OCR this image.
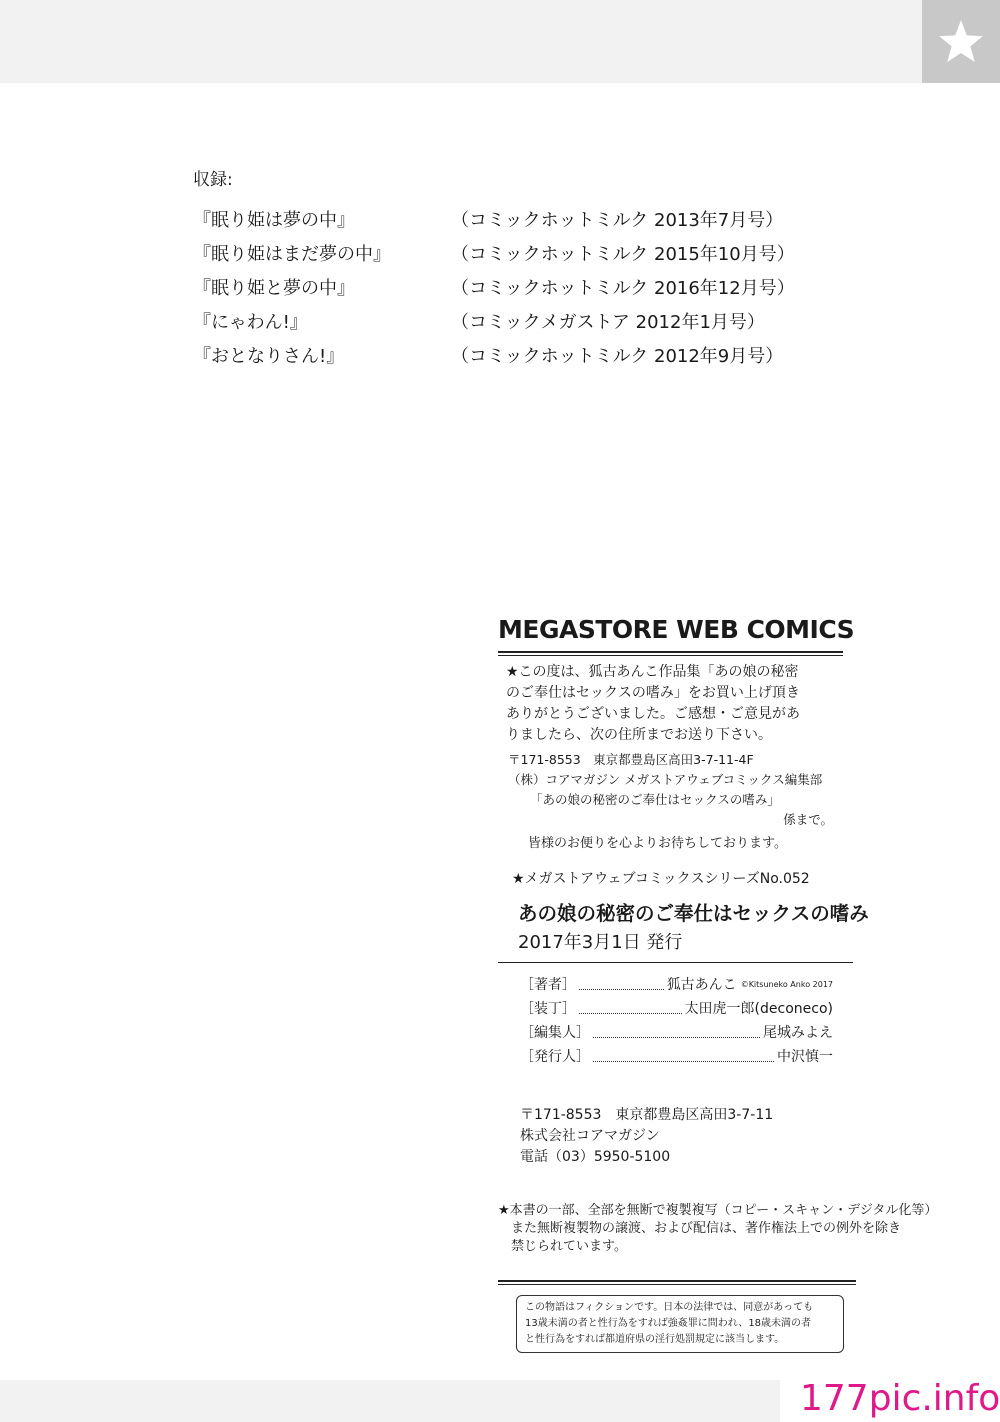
収録:
『眠り姫は夢の中』	（コミックホットミルク 2013年7月号）
『眠り姫はまだ夢の中』	（コミックホットミルク 2015年10月号）
『眠り姫と夢の中』	（コミックホットミルク 2016年12月号）
『にゃわん!』	（コミックメガストア 2012年1月号）
『おとなりさん!』	（コミックホットミルク 2012年9月号）
MEGASTORE WEB COMICS
★この度は、狐古あんこ作品集「あの娘の秘密
のご奉仕はセックスの嗜み」をお買い上げ頂き
ありがとうございました。ご感想・ご意見があ
りましたら、次の住所までお送り下さい。
〒171-8553　東京都豊島区高田3-7-11-4F
（株）コアマガジン メガストアウェブコミックス編集部
「あの娘の秘密のご奉仕はセックスの嗜み」
係まで。
皆様のお便りを心よりお待ちしております。
★メガストアウェブコミックスシリーズNo.052
あの娘の秘密のご奉仕はセックスの嗜み
2017年3月1日 発行
［著者］	狐古あんこ ©Kitsuneko Anko 2017
［装丁］	太田虎一郎(deconeco)
［編集人］	尾城みよえ
［発行人］	中沢慎一
〒171-8553　東京都豊島区高田3-7-11
株式会社コアマガジン
電話（03）5950-5100
★本書の一部、全部を無断で複製複写（コピー・スキャン・デジタル化等）
　また無断複製物の譲渡、および配信は、著作権法上での例外を除き
　禁じられています。
この物語はフィクションです。日本の法律では、同意があっても
13歳未満の者と性行為をすれば強姦罪に問われ、18歳未満の者
と性行為をすれば都道府県の淫行処罰規定に該当します。
177pic.info
